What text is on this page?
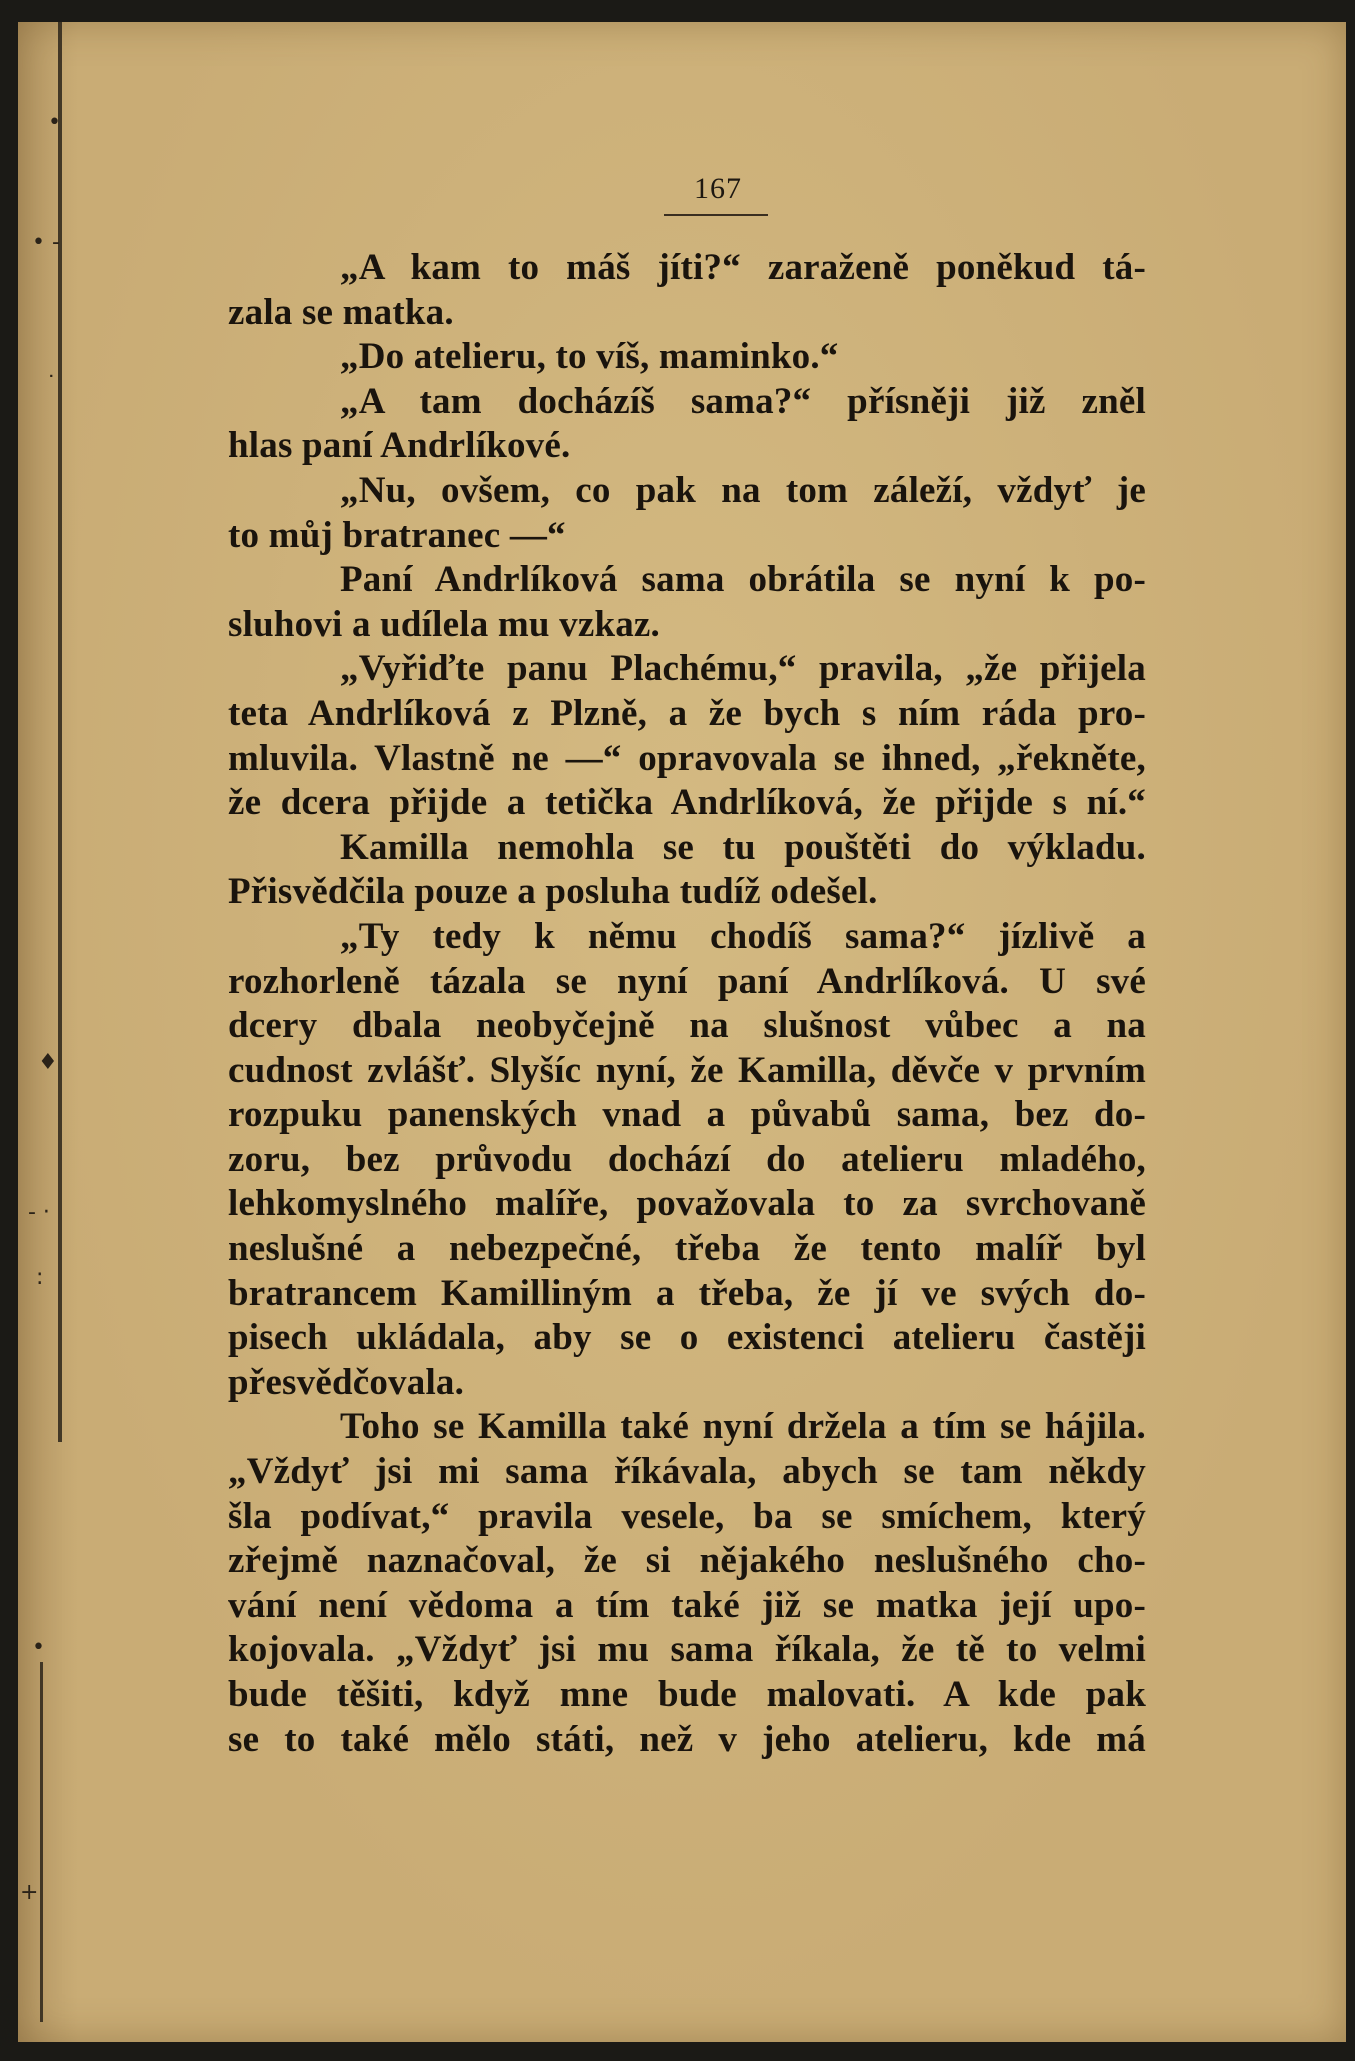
•
• -
ᐧ
♦
- ·
:
•
+
167
„A kam to máš jíti?“ zaraženě poněkud tá-
zala se matka.
„Do atelieru, to víš, maminko.“
„A tam docházíš sama?“ přísněji již zněl
hlas paní Andrlíkové.
„Nu, ovšem, co pak na tom záleží, vždyť je
to můj bratranec —“
Paní Andrlíková sama obrátila se nyní k po-
sluhovi a udílela mu vzkaz.
„Vyřiďte panu Plachému,“ pravila, „že přijela
teta Andrlíková z Plzně, a že bych s ním ráda pro-
mluvila. Vlastně ne —“ opravovala se ihned, „řekněte,
že dcera přijde a tetička Andrlíková, že přijde s ní.“
Kamilla nemohla se tu pouštěti do výkladu.
Přisvědčila pouze a posluha tudíž odešel.
„Ty tedy k němu chodíš sama?“ jízlivě a
rozhorleně tázala se nyní paní Andrlíková. U své
dcery dbala neobyčejně na slušnost vůbec a na
cudnost zvlášť. Slyšíc nyní, že Kamilla, děvče v prvním
rozpuku panenských vnad a půvabů sama, bez do-
zoru, bez průvodu dochází do atelieru mladého,
lehkomyslného malíře, považovala to za svrchovaně
neslušné a nebezpečné, třeba že tento malíř byl
bratrancem Kamilliným a třeba, že jí ve svých do-
pisech ukládala, aby se o existenci atelieru častěji
přesvědčovala.
Toho se Kamilla také nyní držela a tím se hájila.
„Vždyť jsi mi sama říkávala, abych se tam někdy
šla podívat,“ pravila vesele, ba se smíchem, který
zřejmě naznačoval, že si nějakého neslušného cho-
vání není vědoma a tím také již se matka její upo-
kojovala. „Vždyť jsi mu sama říkala, že tě to velmi
bude těšiti, když mne bude malovati. A kde pak
se to také mělo státi, než v jeho atelieru, kde má
